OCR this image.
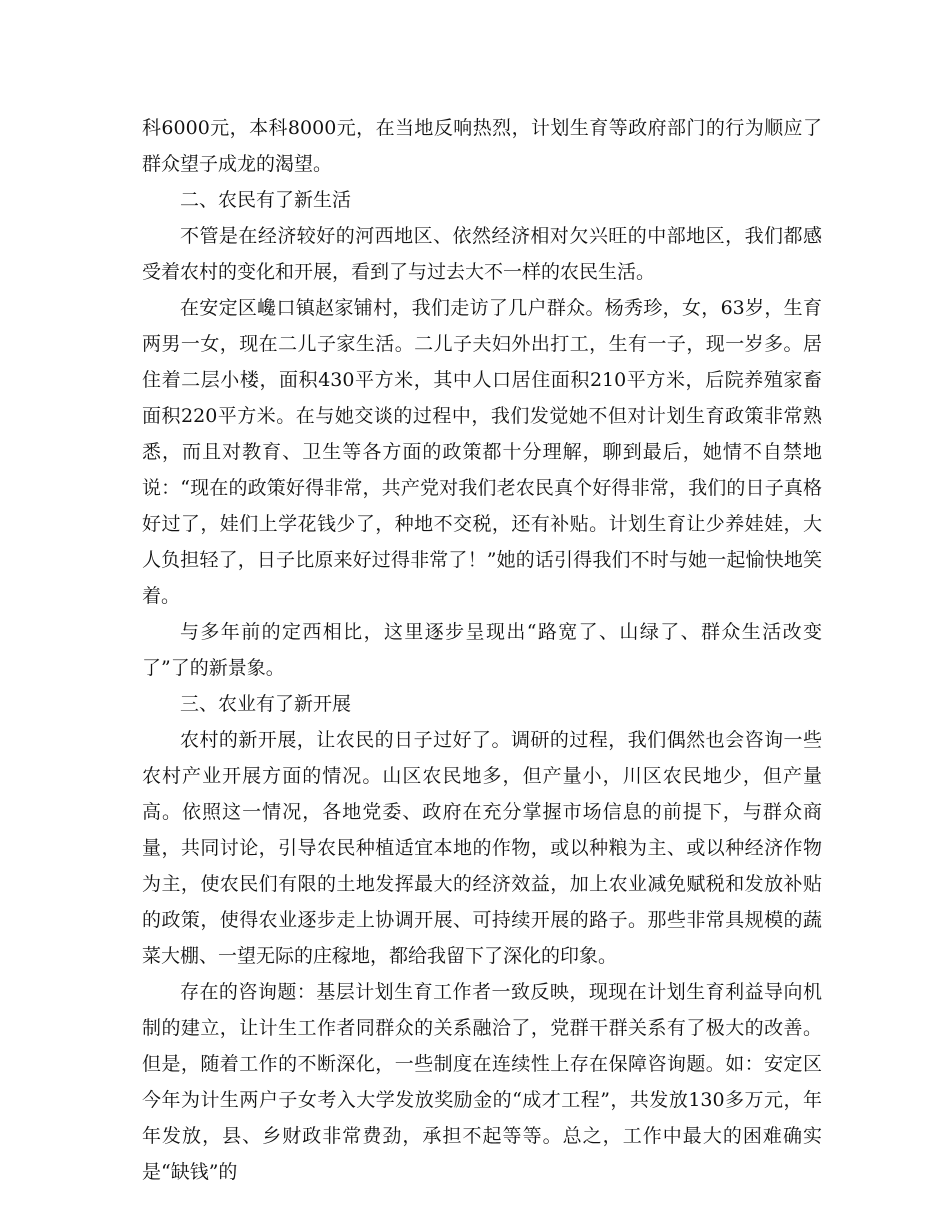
科6000元，本科8000元，在当地反响热烈，计划生育等政府部门的行为顺应了群众望子成龙的渴望。

二、农民有了新生活

不管是在经济较好的河西地区、依然经济相对欠兴旺的中部地区，我们都感受着农村的变化和开展，看到了与过去大不一样的农民生活。

在安定区巉口镇赵家铺村，我们走访了几户群众。杨秀珍，女，63岁，生育两男一女，现在二儿子家生活。二儿子夫妇外出打工，生有一子，现一岁多。居住着二层小楼，面积430平方米，其中人口居住面积210平方米，后院养殖家畜面积220平方米。在与她交谈的过程中，我们发觉她不但对计划生育政策非常熟悉，而且对教育、卫生等各方面的政策都十分理解，聊到最后，她情不自禁地说：“现在的政策好得非常，共产党对我们老农民真个好得非常，我们的日子真格好过了，娃们上学花钱少了，种地不交税，还有补贴。计划生育让少养娃娃，大人负担轻了，日子比原来好过得非常了！”她的话引得我们不时与她一起愉快地笑着。

与多年前的定西相比，这里逐步呈现出“路宽了、山绿了、群众生活改变了”了的新景象。

三、农业有了新开展

农村的新开展，让农民的日子过好了。调研的过程，我们偶然也会咨询一些农村产业开展方面的情况。山区农民地多，但产量小，川区农民地少，但产量高。依照这一情况，各地党委、政府在充分掌握市场信息的前提下，与群众商量，共同讨论，引导农民种植适宜本地的作物，或以种粮为主、或以种经济作物为主，使农民们有限的土地发挥最大的经济效益，加上农业减免赋税和发放补贴的政策，使得农业逐步走上协调开展、可持续开展的路子。那些非常具规模的蔬菜大棚、一望无际的庄稼地，都给我留下了深化的印象。

存在的咨询题：基层计划生育工作者一致反映，现现在计划生育利益导向机制的建立，让计生工作者同群众的关系融洽了，党群干群关系有了极大的改善。但是，随着工作的不断深化，一些制度在连续性上存在保障咨询题。如：安定区今年为计生两户子女考入大学发放奖励金的“成才工程”，共发放130多万元，年年发放，县、乡财政非常费劲，承担不起等等。总之，工作中最大的困难确实是“缺钱”的
